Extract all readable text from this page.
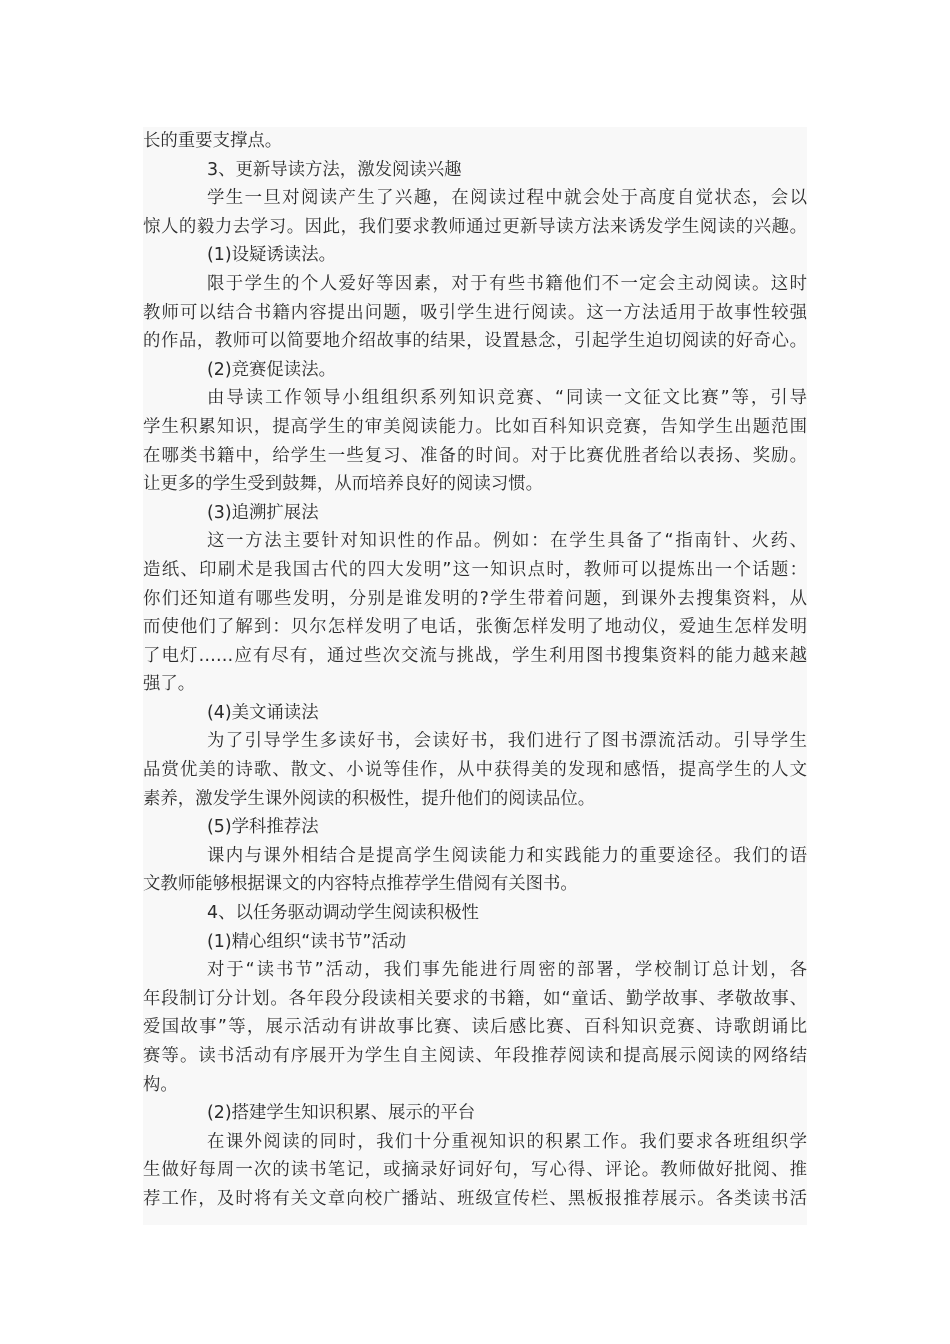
长的重要支撑点。
3、更新导读方法，激发阅读兴趣
学生一旦对阅读产生了兴趣，在阅读过程中就会处于高度自觉状态，会以
惊人的毅力去学习。因此，我们要求教师通过更新导读方法来诱发学生阅读的兴趣。
(1)设疑诱读法。
限于学生的个人爱好等因素，对于有些书籍他们不一定会主动阅读。这时
教师可以结合书籍内容提出问题，吸引学生进行阅读。这一方法适用于故事性较强
的作品，教师可以简要地介绍故事的结果，设置悬念，引起学生迫切阅读的好奇心。
(2)竞赛促读法。
由导读工作领导小组组织系列知识竞赛、“同读一文征文比赛”等，引导
学生积累知识，提高学生的审美阅读能力。比如百科知识竞赛，告知学生出题范围
在哪类书籍中，给学生一些复习、准备的时间。对于比赛优胜者给以表扬、奖励。
让更多的学生受到鼓舞，从而培养良好的阅读习惯。
(3)追溯扩展法
这一方法主要针对知识性的作品。例如：在学生具备了“指南针、火药、
造纸、印刷术是我国古代的四大发明”这一知识点时，教师可以提炼出一个话题：
你们还知道有哪些发明，分别是谁发明的?学生带着问题，到课外去搜集资料，从
而使他们了解到：贝尔怎样发明了电话，张衡怎样发明了地动仪，爱迪生怎样发明
了电灯……应有尽有，通过些次交流与挑战，学生利用图书搜集资料的能力越来越
强了。
(4)美文诵读法
为了引导学生多读好书，会读好书，我们进行了图书漂流活动。引导学生
品赏优美的诗歌、散文、小说等佳作，从中获得美的发现和感悟，提高学生的人文
素养，激发学生课外阅读的积极性，提升他们的阅读品位。
(5)学科推荐法
课内与课外相结合是提高学生阅读能力和实践能力的重要途径。我们的语
文教师能够根据课文的内容特点推荐学生借阅有关图书。
4、以任务驱动调动学生阅读积极性
(1)精心组织“读书节”活动
对于“读书节”活动，我们事先能进行周密的部署，学校制订总计划，各
年段制订分计划。各年段分段读相关要求的书籍，如“童话、勤学故事、孝敬故事、
爱国故事”等，展示活动有讲故事比赛、读后感比赛、百科知识竞赛、诗歌朗诵比
赛等。读书活动有序展开为学生自主阅读、年段推荐阅读和提高展示阅读的网络结
构。
(2)搭建学生知识积累、展示的平台
在课外阅读的同时，我们十分重视知识的积累工作。我们要求各班组织学
生做好每周一次的读书笔记，或摘录好词好句，写心得、评论。教师做好批阅、推
荐工作，及时将有关文章向校广播站、班级宣传栏、黑板报推荐展示。各类读书活
